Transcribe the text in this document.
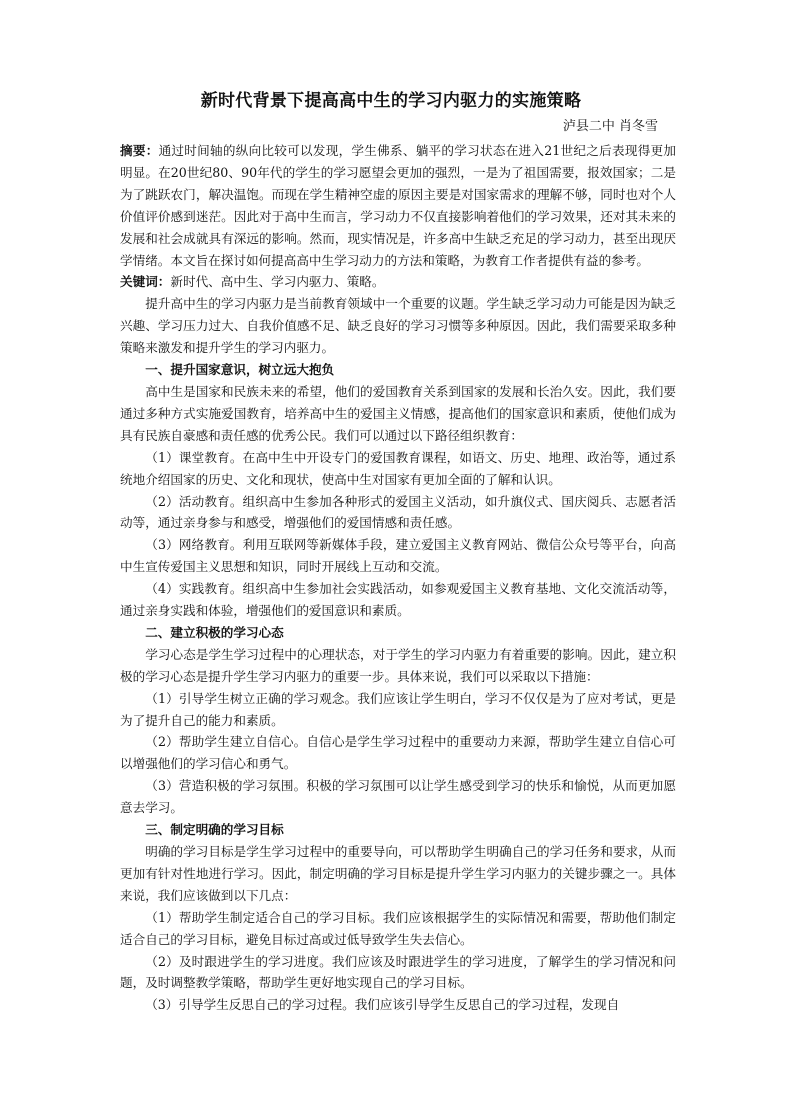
新时代背景下提高高中生的学习内驱力的实施策略
泸县二中 肖冬雪

摘要：通过时间轴的纵向比较可以发现，学生佛系、躺平的学习状态在进入21世纪之后表现得更加明显。在20世纪80、90年代的学生的学习愿望会更加的强烈，一是为了祖国需要，报效国家；二是为了跳跃农门，解决温饱。而现在学生精神空虚的原因主要是对国家需求的理解不够，同时也对个人价值评价感到迷茫。因此对于高中生而言，学习动力不仅直接影响着他们的学习效果，还对其未来的发展和社会成就具有深远的影响。然而，现实情况是，许多高中生缺乏充足的学习动力，甚至出现厌学情绪。本文旨在探讨如何提高高中生学习动力的方法和策略，为教育工作者提供有益的参考。

关键词：新时代、高中生、学习内驱力、策略。

提升高中生的学习内驱力是当前教育领域中一个重要的议题。学生缺乏学习动力可能是因为缺乏兴趣、学习压力过大、自我价值感不足、缺乏良好的学习习惯等多种原因。因此，我们需要采取多种策略来激发和提升学生的学习内驱力。

一、提升国家意识，树立远大抱负

高中生是国家和民族未来的希望，他们的爱国教育关系到国家的发展和长治久安。因此，我们要通过多种方式实施爱国教育，培养高中生的爱国主义情感，提高他们的国家意识和素质，使他们成为具有民族自豪感和责任感的优秀公民。我们可以通过以下路径组织教育：

（1）课堂教育。在高中生中开设专门的爱国教育课程，如语文、历史、地理、政治等，通过系统地介绍国家的历史、文化和现状，使高中生对国家有更加全面的了解和认识。

（2）活动教育。组织高中生参加各种形式的爱国主义活动，如升旗仪式、国庆阅兵、志愿者活动等，通过亲身参与和感受，增强他们的爱国情感和责任感。

（3）网络教育。利用互联网等新媒体手段，建立爱国主义教育网站、微信公众号等平台，向高中生宣传爱国主义思想和知识，同时开展线上互动和交流。

（4）实践教育。组织高中生参加社会实践活动，如参观爱国主义教育基地、文化交流活动等，通过亲身实践和体验，增强他们的爱国意识和素质。

二、建立积极的学习心态

学习心态是学生学习过程中的心理状态，对于学生的学习内驱力有着重要的影响。因此，建立积极的学习心态是提升学生学习内驱力的重要一步。具体来说，我们可以采取以下措施：

（1）引导学生树立正确的学习观念。我们应该让学生明白，学习不仅仅是为了应对考试，更是为了提升自己的能力和素质。

（2）帮助学生建立自信心。自信心是学生学习过程中的重要动力来源，帮助学生建立自信心可以增强他们的学习信心和勇气。

（3）营造积极的学习氛围。积极的学习氛围可以让学生感受到学习的快乐和愉悦，从而更加愿意去学习。

三、制定明确的学习目标

明确的学习目标是学生学习过程中的重要导向，可以帮助学生明确自己的学习任务和要求，从而更加有针对性地进行学习。因此，制定明确的学习目标是提升学生学习内驱力的关键步骤之一。具体来说，我们应该做到以下几点：

（1）帮助学生制定适合自己的学习目标。我们应该根据学生的实际情况和需要，帮助他们制定适合自己的学习目标，避免目标过高或过低导致学生失去信心。

（2）及时跟进学生的学习进度。我们应该及时跟进学生的学习进度，了解学生的学习情况和问题，及时调整教学策略，帮助学生更好地实现自己的学习目标。

（3）引导学生反思自己的学习过程。我们应该引导学生反思自己的学习过程，发现自
